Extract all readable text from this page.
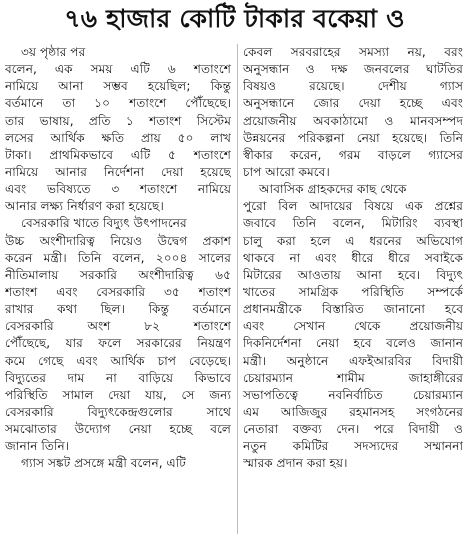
৭৬ হাজার কোটি টাকার বকেয়া ও
৩য় পৃষ্ঠার পর
বলেন, এক সময় এটি ৬ শতাংশে
নামিয়ে আনা সম্ভব হয়েছিল; কিন্তু
বর্তমানে তা ১০ শতাংশে পৌঁছেছে।
তার ভাষায়, প্রতি ১ শতাংশ সিস্টেম
লসের আর্থিক ক্ষতি প্রায় ৫০ লাখ
টাকা। প্রাথমিকভাবে এটি ৫ শতাংশে
নামিয়ে আনার নির্দেশনা দেয়া হয়েছে
এবং ভবিষ্যতে ৩ শতাংশে নামিয়ে
আনার লক্ষ্য নির্ধারণ করা হয়েছে।
বেসরকারি খাতে বিদ্যুৎ উৎপাদনের
উচ্চ অংশীদারিত্ব নিয়েও উদ্বেগ প্রকাশ
করেন মন্ত্রী। তিনি বলেন, ২০০৪ সালের
নীতিমালায় সরকারি অংশীদারিত্ব ৬৫
শতাংশ এবং বেসরকারি ৩৫ শতাংশ
রাখার কথা ছিল। কিন্তু বর্তমানে
বেসরকারি অংশ ৮২ শতাংশে
পৌঁছেছে, যার ফলে সরকারের নিয়ন্ত্রণ
কমে গেছে এবং আর্থিক চাপ বেড়েছে।
বিদ্যুতের দাম না বাড়িয়ে কিভাবে
পরিস্থিতি সামাল দেয়া যায়, সে জন্য
বেসরকারি বিদ্যুৎকেন্দ্রগুলোর সাথে
সমঝোতার উদ্যোগ নেয়া হচ্ছে বলে
জানান তিনি।
গ্যাস সঙ্কট প্রসঙ্গে মন্ত্রী বলেন, এটি
কেবল সরবরাহের সমস্যা নয়, বরং
অনুসন্ধান ও দক্ষ জনবলের ঘাটতির
বিষয়ও রয়েছে। দেশীয় গ্যাস
অনুসন্ধানে জোর দেয়া হচ্ছে এবং
প্রয়োজনীয় অবকাঠামো ও মানবসম্পদ
উন্নয়নের পরিকল্পনা নেয়া হয়েছে। তিনি
স্বীকার করেন, গরম বাড়লে গ্যাসের
চাপ আরো কমবে।
আবাসিক গ্রাহকদের কাছ থেকে
পুরো বিল আদায়ের বিষয়ে এক প্রশ্নের
জবাবে তিনি বলেন, মিটারিং ব্যবস্থা
চালু করা হলে এ ধরনের অভিযোগ
থাকবে না এবং ধীরে ধীরে সবাইকে
মিটারের আওতায় আনা হবে। বিদ্যুৎ
খাতের সামগ্রিক পরিস্থিতি সম্পর্কে
প্রধানমন্ত্রীকে বিস্তারিত জানানো হবে
এবং সেখান থেকে প্রয়োজনীয়
দিকনির্দেশনা নেয়া হবে বলেও জানান
মন্ত্রী। অনুষ্ঠানে এফইআরবির বিদায়ী
চেয়ারম্যান শামীম জাহাঙ্গীরের
সভাপতিত্বে নবনির্বাচিত চেয়ারম্যান
এম আজিজুর রহমানসহ সংগঠনের
নেতারা বক্তব্য দেন। পরে বিদায়ী ও
নতুন কমিটির সদস্যদের সম্মাননা
স্মারক প্রদান করা হয়।
